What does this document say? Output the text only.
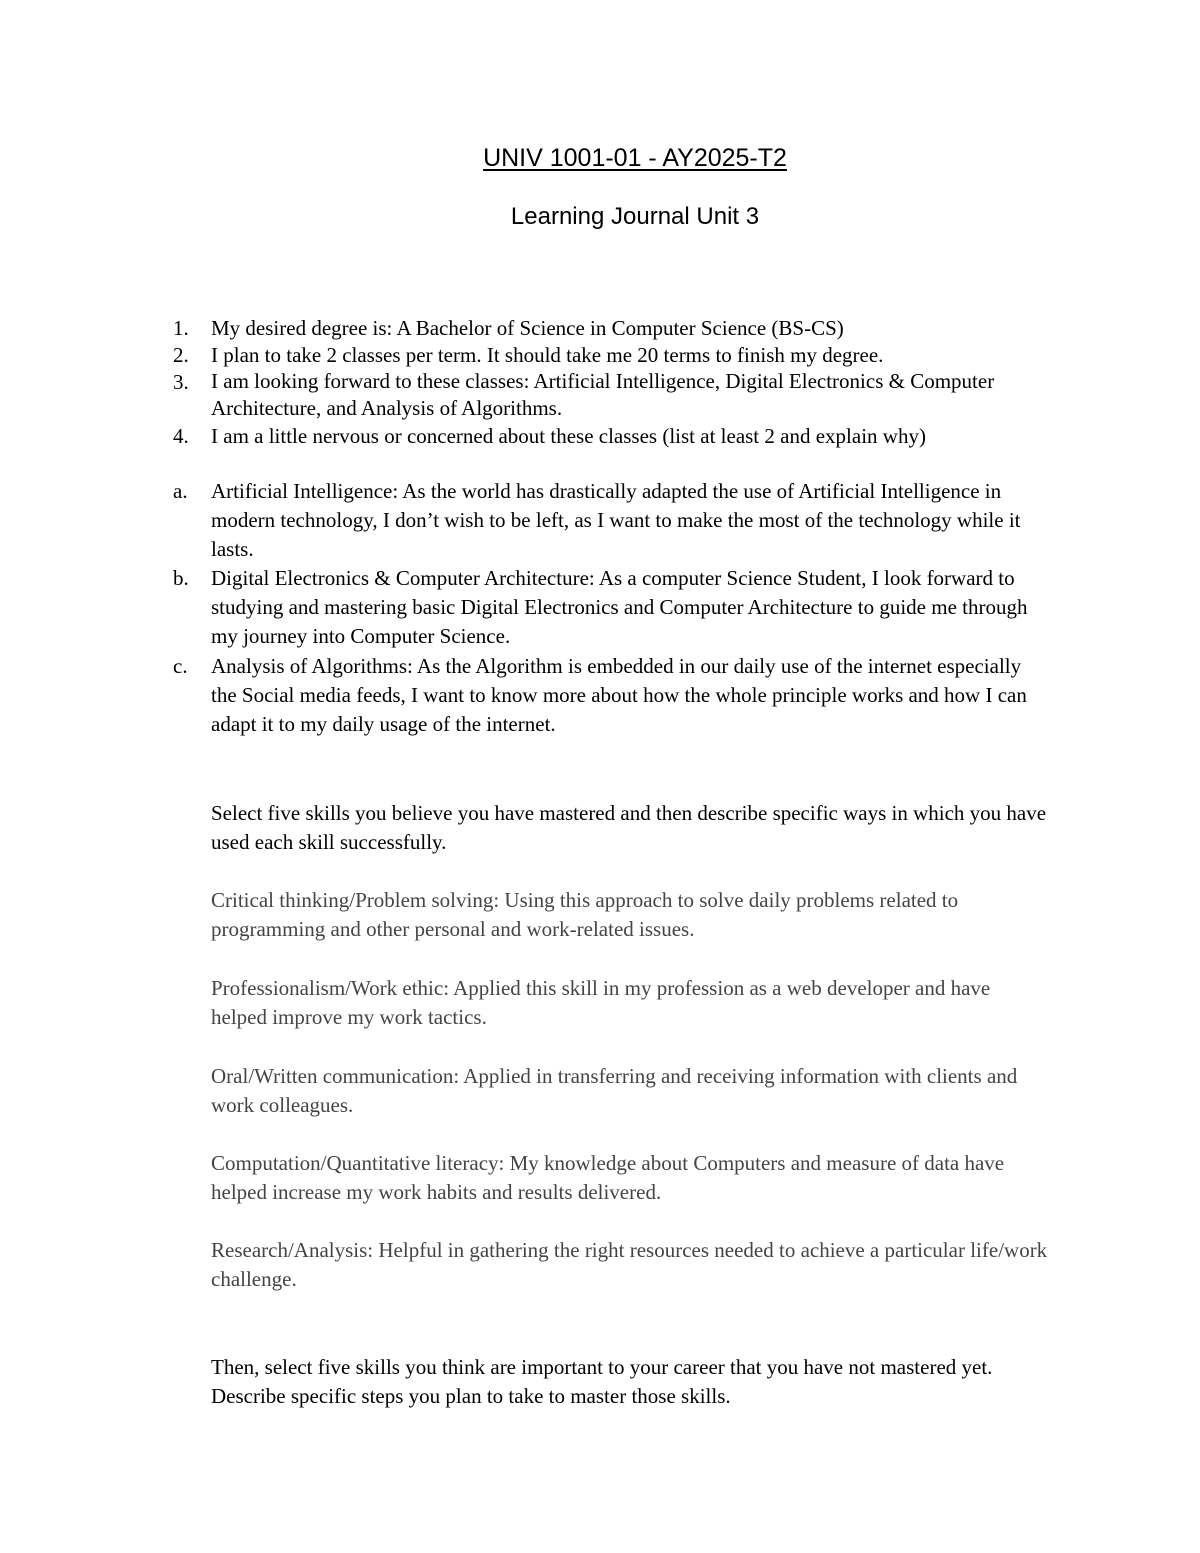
UNIV 1001-01 - AY2025-T2
Learning Journal Unit 3
1. My desired degree is: A Bachelor of Science in Computer Science (BS-CS)
2. I plan to take 2 classes per term. It should take me 20 terms to finish my degree.
3. I am looking forward to these classes: Artificial Intelligence, Digital Electronics & Computer Architecture, and Analysis of Algorithms.
4. I am a little nervous or concerned about these classes (list at least 2 and explain why)
a. Artificial Intelligence: As the world has drastically adapted the use of Artificial Intelligence in modern technology, I don’t wish to be left, as I want to make the most of the technology while it lasts.
b. Digital Electronics & Computer Architecture: As a computer Science Student, I look forward to studying and mastering basic Digital Electronics and Computer Architecture to guide me through my journey into Computer Science.
c. Analysis of Algorithms: As the Algorithm is embedded in our daily use of the internet especially the Social media feeds, I want to know more about how the whole principle works and how I can adapt it to my daily usage of the internet.
Select five skills you believe you have mastered and then describe specific ways in which you have used each skill successfully.
Critical thinking/Problem solving: Using this approach to solve daily problems related to programming and other personal and work-related issues.
Professionalism/Work ethic: Applied this skill in my profession as a web developer and have helped improve my work tactics.
Oral/Written communication: Applied in transferring and receiving information with clients and work colleagues.
Computation/Quantitative literacy: My knowledge about Computers and measure of data have helped increase my work habits and results delivered.
Research/Analysis: Helpful in gathering the right resources needed to achieve a particular life/work challenge.
Then, select five skills you think are important to your career that you have not mastered yet. Describe specific steps you plan to take to master those skills.
